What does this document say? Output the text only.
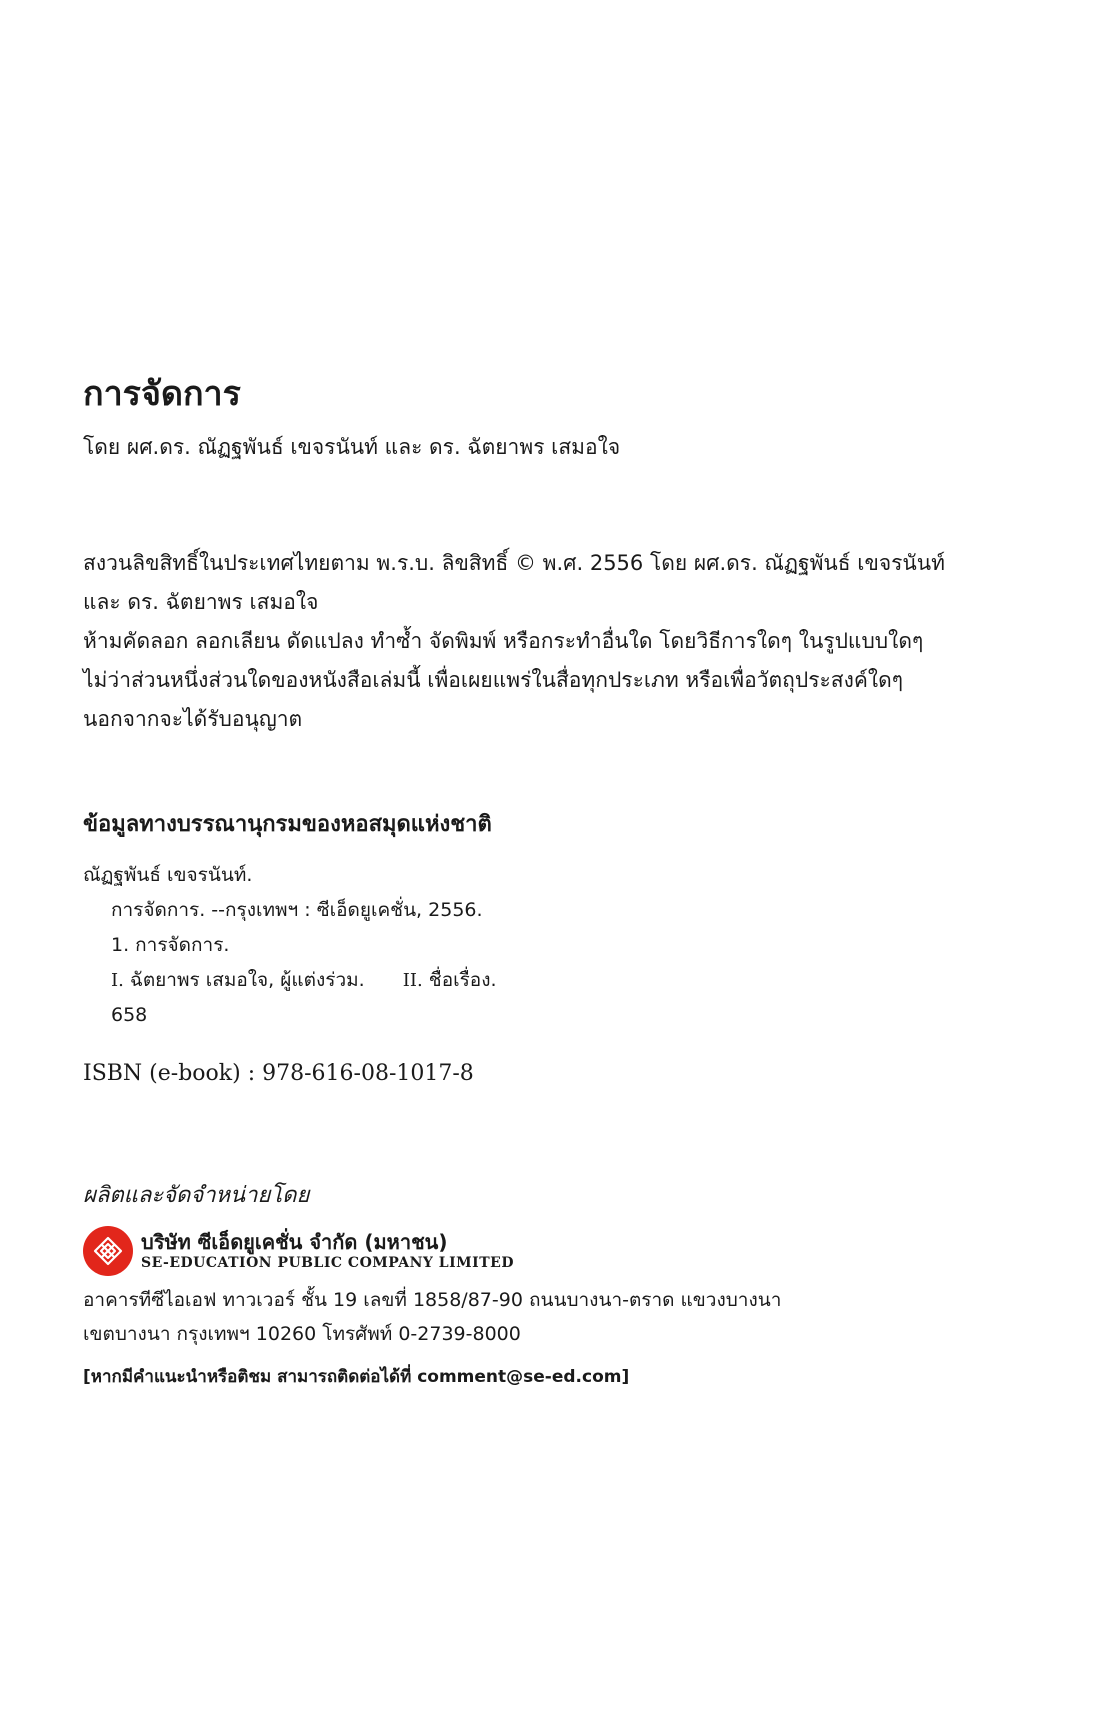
การจัดการ

โดย ผศ.ดร. ณัฏฐพันธ์ เขจรนันท์ และ ดร. ฉัตยาพร เสมอใจ

สงวนลิขสิทธิ์ในประเทศไทยตาม พ.ร.บ. ลิขสิทธิ์ © พ.ศ. 2556 โดย ผศ.ดร. ณัฏฐพันธ์ เขจรนันท์

และ ดร. ฉัตยาพร เสมอใจ

ห้ามคัดลอก ลอกเลียน ดัดแปลง ทำซ้ำ จัดพิมพ์ หรือกระทำอื่นใด โดยวิธีการใดๆ ในรูปแบบใดๆ

ไม่ว่าส่วนหนึ่งส่วนใดของหนังสือเล่มนี้ เพื่อเผยแพร่ในสื่อทุกประเภท หรือเพื่อวัตถุประสงค์ใดๆ

นอกจากจะได้รับอนุญาต

ข้อมูลทางบรรณานุกรมของหอสมุดแห่งชาติ
ณัฏฐพันธ์ เขจรนันท์.
การจัดการ. --กรุงเทพฯ : ซีเอ็ดยูเคชั่น, 2556.
1. การจัดการ.
I. ฉัตยาพร เสมอใจ, ผู้แต่งร่วม. II. ชื่อเรื่อง.
658
ISBN (e-book) : 978-616-08-1017-8
ผลิตและจัดจำหน่ายโดย
บริษัท ซีเอ็ดยูเคชั่น จำกัด (มหาชน)
SE-EDUCATION PUBLIC COMPANY LIMITED
อาคารทีซีไอเอฟ ทาวเวอร์ ชั้น 19 เลขที่ 1858/87-90 ถนนบางนา-ตราด แขวงบางนา
เขตบางนา กรุงเทพฯ 10260 โทรศัพท์ 0-2739-8000
[หากมีคำแนะนำหรือติชม สามารถติดต่อได้ที่ comment@se-ed.com]
